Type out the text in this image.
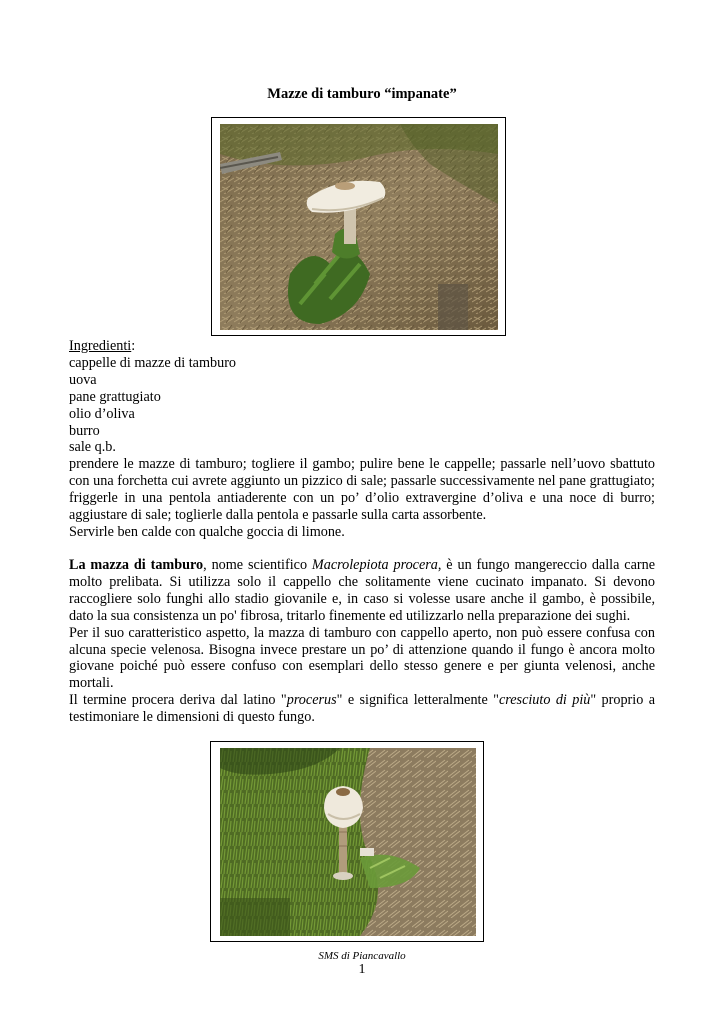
Mazze di tamburo “impanate”
Ingredienti:
cappelle di mazze di tamburo
uova
pane grattugiato
olio d’oliva
burro
sale q.b.
prendere le mazze di tamburo; togliere il gambo; pulire bene le cappelle; passarle nell’uovo sbattuto con una forchetta cui avrete aggiunto un pizzico di sale; passarle successivamente nel pane grattugiato; friggerle in una pentola antiaderente con un po’ d’olio extravergine d’oliva e una noce di burro; aggiustare di sale; toglierle dalla pentola e passarle sulla carta assorbente.
Servirle ben calde con qualche goccia di limone.

La mazza di tamburo, nome scientifico Macrolepiota procera, è un fungo mangereccio dalla carne molto prelibata. Si utilizza solo il cappello che solitamente viene cucinato impanato. Si devono raccogliere solo funghi allo stadio giovanile e, in caso si volesse usare anche il gambo, è possibile, dato la sua consistenza un po' fibrosa, tritarlo finemente ed utilizzarlo nella preparazione dei sughi.

Per il suo caratteristico aspetto, la mazza di tamburo con cappello aperto, non può essere confusa con alcuna specie velenosa. Bisogna invece prestare un po’ di attenzione quando il fungo è ancora molto giovane poiché può essere confuso con esemplari dello stesso genere e per giunta velenosi, anche mortali.

Il termine procera deriva dal latino "procerus" e significa letteralmente "cresciuto di più" proprio a testimoniare le dimensioni di questo fungo.

SMS di Piancavallo
1
